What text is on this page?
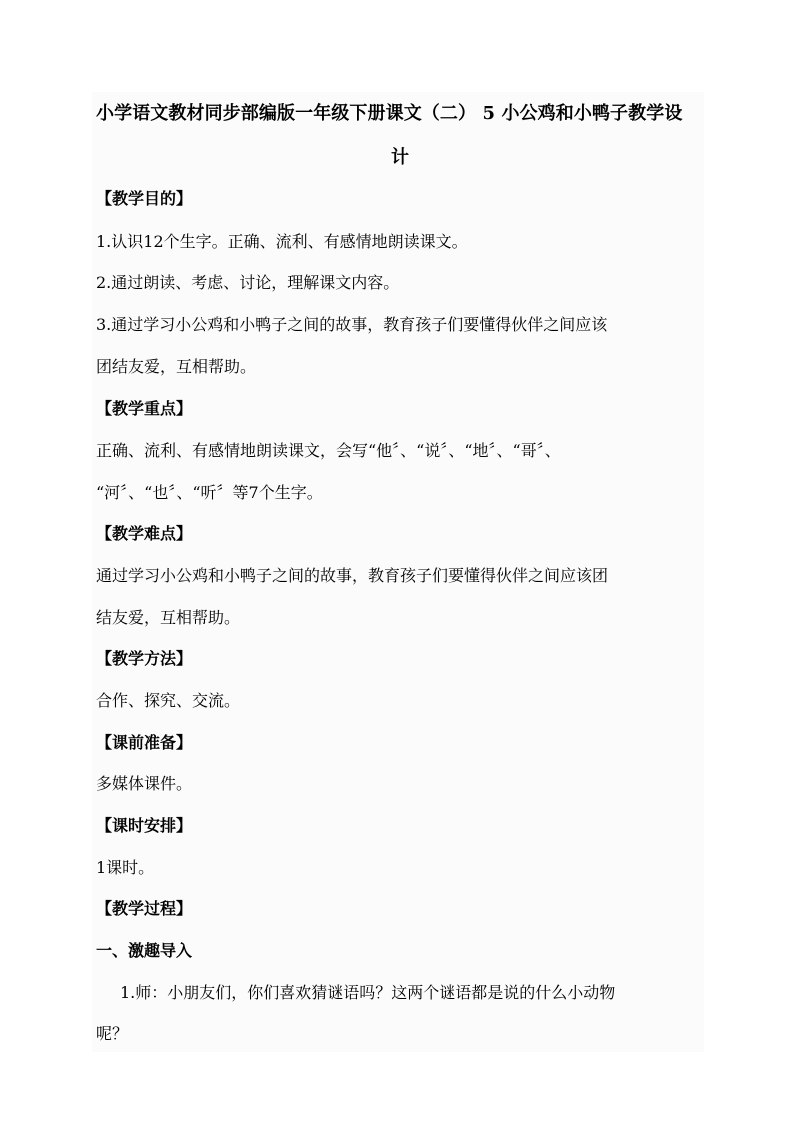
小学语文教材同步部编版一年级下册课文（二） 5 小公鸡和小鸭子教学设
计
【教学目的】
1.认识12个生字。正确、流利、有感情地朗读课文。
2.通过朗读、考虑、讨论，理解课文内容。
3.通过学习小公鸡和小鸭子之间的故事，教育孩子们要懂得伙伴之间应该
团结友爱，互相帮助。
【教学重点】
正确、流利、有感情地朗读课文，会写“他〞、“说〞、“地〞、“哥〞、
“河〞、“也〞、“听〞等7个生字。
【教学难点】
通过学习小公鸡和小鸭子之间的故事，教育孩子们要懂得伙伴之间应该团
结友爱，互相帮助。
【教学方法】
合作、探究、交流。
【课前准备】
多媒体课件。
【课时安排】
1课时。
【教学过程】
一、激趣导入
1.师：小朋友们，你们喜欢猜谜语吗？这两个谜语都是说的什么小动物
呢？
